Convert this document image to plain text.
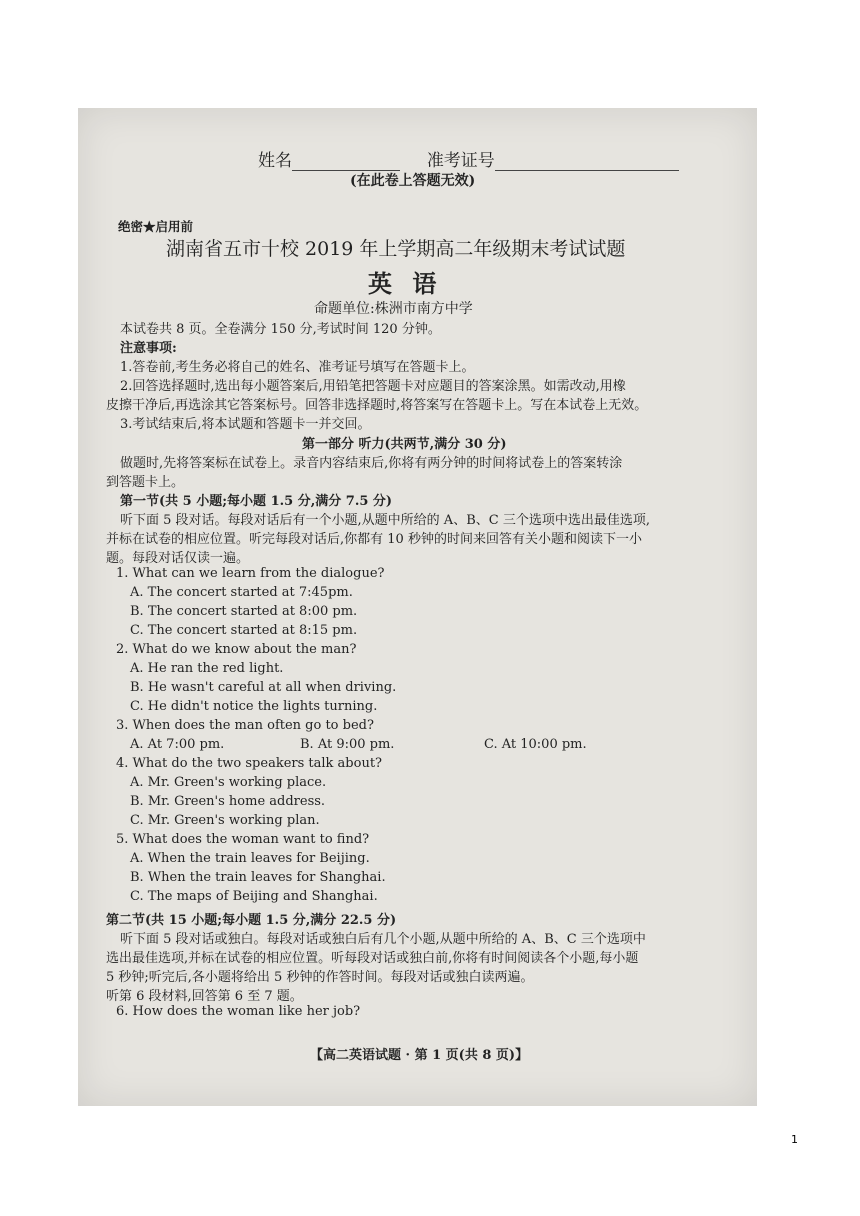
姓名	准考证号
(在此卷上答题无效)
绝密★启用前
湖南省五市十校 2019 年上学期高二年级期末考试试题
英 语
命题单位:株洲市南方中学
本试卷共 8 页。全卷满分 150 分,考试时间 120 分钟。
注意事项:
1.答卷前,考生务必将自己的姓名、准考证号填写在答题卡上。
2.回答选择题时,选出每小题答案后,用铅笔把答题卡对应题目的答案涂黑。如需改动,用橡
皮擦干净后,再选涂其它答案标号。回答非选择题时,将答案写在答题卡上。写在本试卷上无效。
3.考试结束后,将本试题和答题卡一并交回。
第一部分 听力(共两节,满分 30 分)
做题时,先将答案标在试卷上。录音内容结束后,你将有两分钟的时间将试卷上的答案转涂
到答题卡上。
第一节(共 5 小题;每小题 1.5 分,满分 7.5 分)
听下面 5 段对话。每段对话后有一个小题,从题中所给的 A、B、C 三个选项中选出最佳选项,
并标在试卷的相应位置。听完每段对话后,你都有 10 秒钟的时间来回答有关小题和阅读下一小
题。每段对话仅读一遍。
1. What can we learn from the dialogue?
A. The concert started at 7:45pm.
B. The concert started at 8:00 pm.
C. The concert started at 8:15 pm.
2. What do we know about the man?
A. He ran the red light.
B. He wasn't careful at all when driving.
C. He didn't notice the lights turning.
3. When does the man often go to bed?
A. At 7:00 pm.	B. At 9:00 pm.	C. At 10:00 pm.
4. What do the two speakers talk about?
A. Mr. Green's working place.
B. Mr. Green's home address.
C. Mr. Green's working plan.
5. What does the woman want to find?
A. When the train leaves for Beijing.
B. When the train leaves for Shanghai.
C. The maps of Beijing and Shanghai.
第二节(共 15 小题;每小题 1.5 分,满分 22.5 分)
听下面 5 段对话或独白。每段对话或独白后有几个小题,从题中所给的 A、B、C 三个选项中
选出最佳选项,并标在试卷的相应位置。听每段对话或独白前,你将有时间阅读各个小题,每小题
5 秒钟;听完后,各小题将给出 5 秒钟的作答时间。每段对话或独白读两遍。
听第 6 段材料,回答第 6 至 7 题。
6. How does the woman like her job?
【高二英语试题 · 第 1 页(共 8 页)】
1
